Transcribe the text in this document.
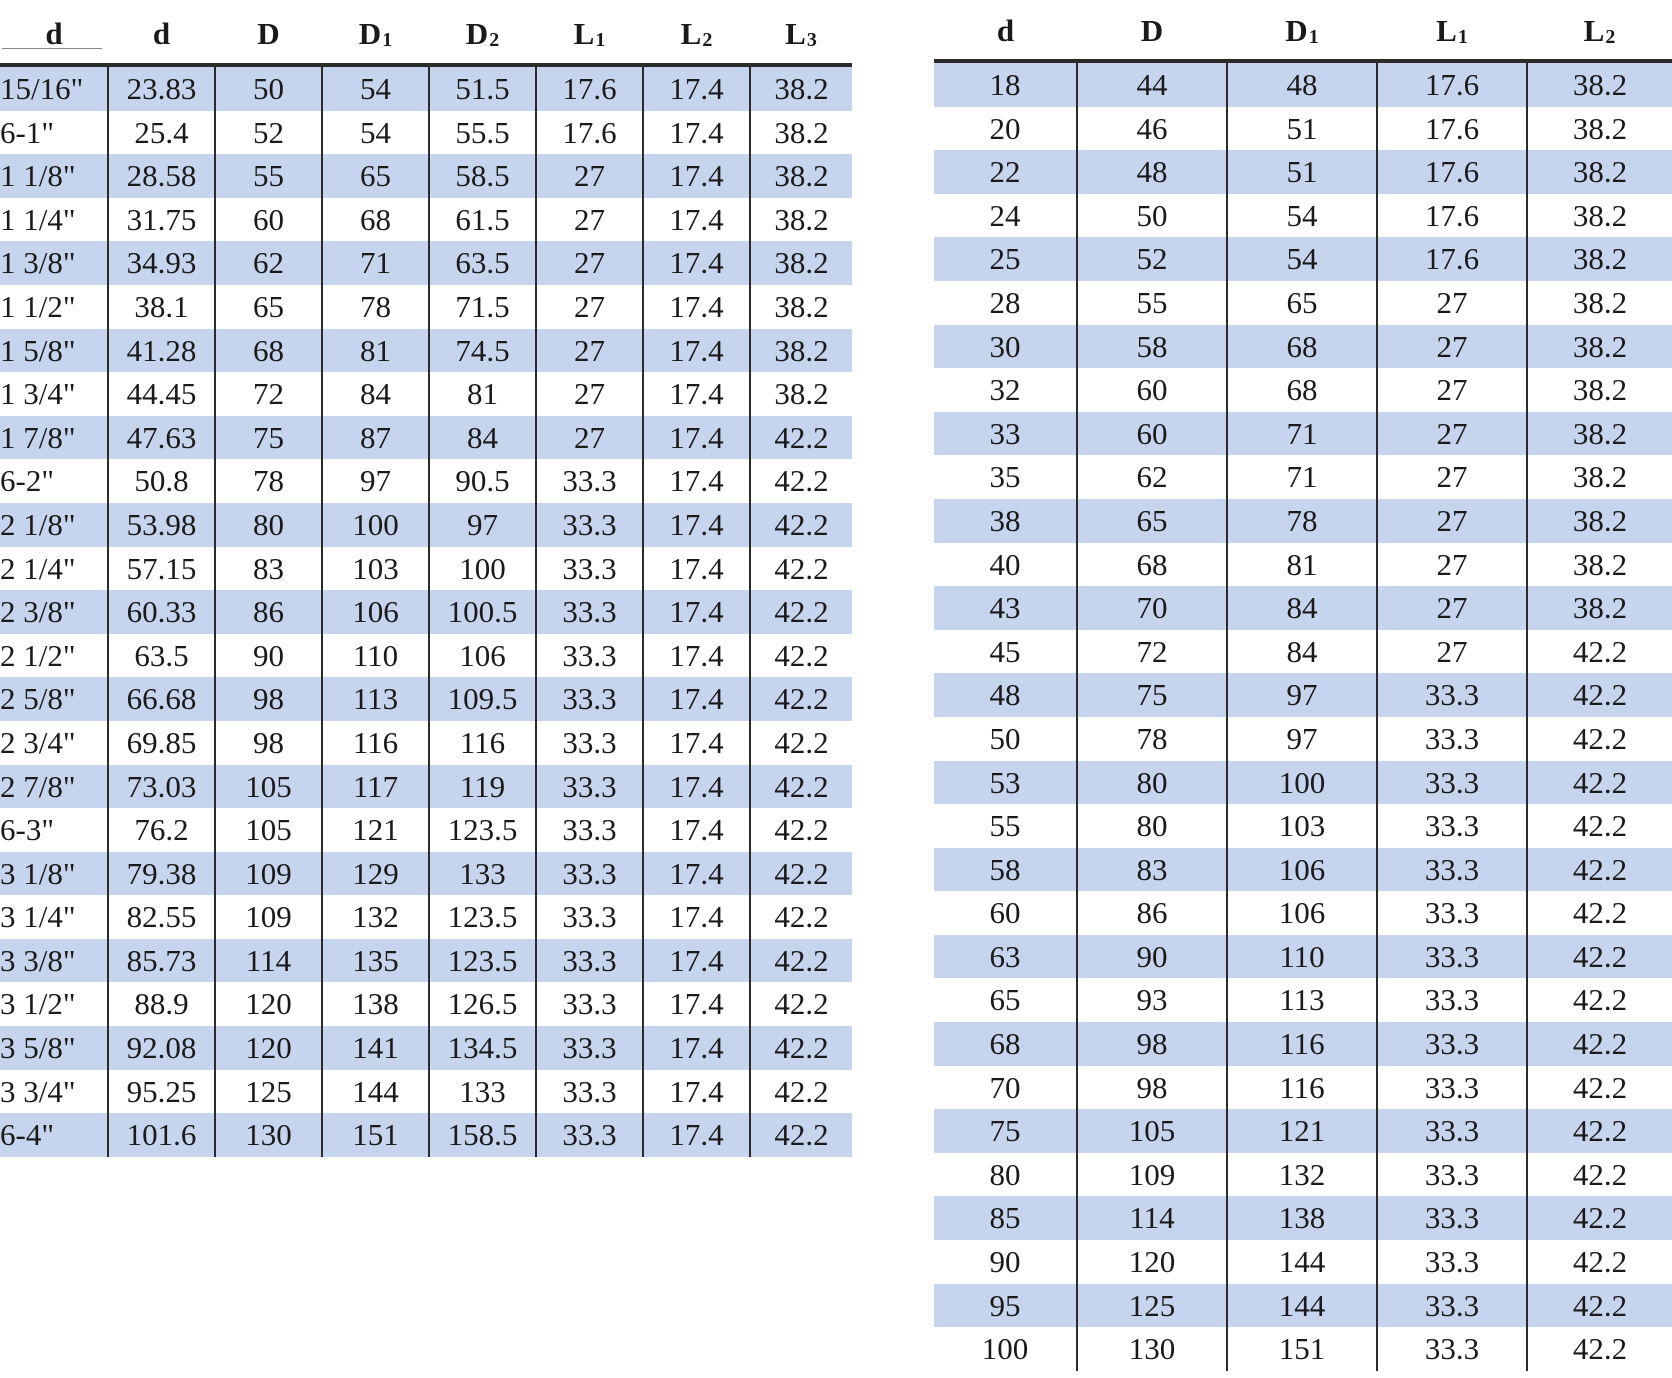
d	d	D	$D_1$	$D_2$	$L_1$	$L_2$	$L_3$
15/16"	23.83	50	54	51.5	17.6	17.4	38.2
6-1"	25.4	52	54	55.5	17.6	17.4	38.2
1 1/8"	28.58	55	65	58.5	27	17.4	38.2
1 1/4"	31.75	60	68	61.5	27	17.4	38.2
1 3/8"	34.93	62	71	63.5	27	17.4	38.2
1 1/2"	38.1	65	78	71.5	27	17.4	38.2
1 5/8"	41.28	68	81	74.5	27	17.4	38.2
1 3/4"	44.45	72	84	81	27	17.4	38.2
1 7/8"	47.63	75	87	84	27	17.4	42.2
6-2"	50.8	78	97	90.5	33.3	17.4	42.2
2 1/8"	53.98	80	100	97	33.3	17.4	42.2
2 1/4"	57.15	83	103	100	33.3	17.4	42.2
2 3/8"	60.33	86	106	100.5	33.3	17.4	42.2
2 1/2"	63.5	90	110	106	33.3	17.4	42.2
2 5/8"	66.68	98	113	109.5	33.3	17.4	42.2
2 3/4"	69.85	98	116	116	33.3	17.4	42.2
2 7/8"	73.03	105	117	119	33.3	17.4	42.2
6-3"	76.2	105	121	123.5	33.3	17.4	42.2
3 1/8"	79.38	109	129	133	33.3	17.4	42.2
3 1/4"	82.55	109	132	123.5	33.3	17.4	42.2
3 3/8"	85.73	114	135	123.5	33.3	17.4	42.2
3 1/2"	88.9	120	138	126.5	33.3	17.4	42.2
3 5/8"	92.08	120	141	134.5	33.3	17.4	42.2
3 3/4"	95.25	125	144	133	33.3	17.4	42.2
6-4"	101.6	130	151	158.5	33.3	17.4	42.2
d	D	$D_1$	$L_1$	$L_2$
18	44	48	17.6	38.2
20	46	51	17.6	38.2
22	48	51	17.6	38.2
24	50	54	17.6	38.2
25	52	54	17.6	38.2
28	55	65	27	38.2
30	58	68	27	38.2
32	60	68	27	38.2
33	60	71	27	38.2
35	62	71	27	38.2
38	65	78	27	38.2
40	68	81	27	38.2
43	70	84	27	38.2
45	72	84	27	42.2
48	75	97	33.3	42.2
50	78	97	33.3	42.2
53	80	100	33.3	42.2
55	80	103	33.3	42.2
58	83	106	33.3	42.2
60	86	106	33.3	42.2
63	90	110	33.3	42.2
65	93	113	33.3	42.2
68	98	116	33.3	42.2
70	98	116	33.3	42.2
75	105	121	33.3	42.2
80	109	132	33.3	42.2
85	114	138	33.3	42.2
90	120	144	33.3	42.2
95	125	144	33.3	42.2
100	130	151	33.3	42.2
